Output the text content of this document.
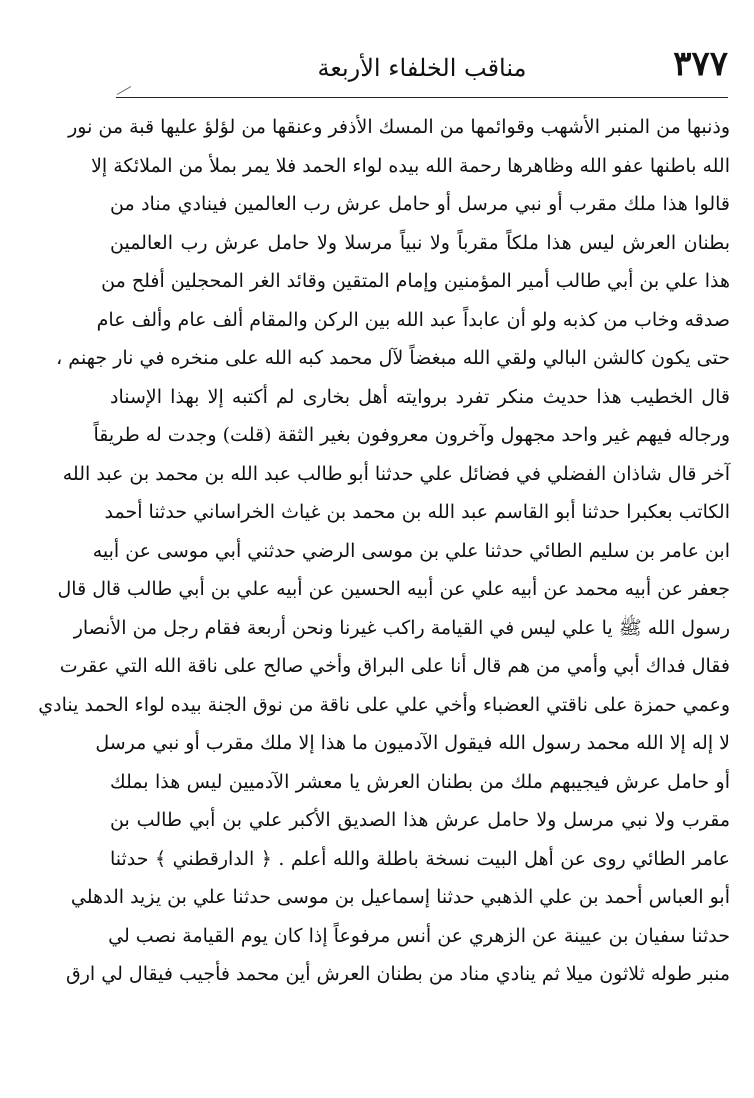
٣٧٧
مناقب الخلفاء الأربعة
وذنبها من المنبر الأشهب وقوائمها من المسك الأذفر وعنقها من لؤلؤ عليها قبة من نور
الله باطنها عفو الله وظاهرها رحمة الله بيده لواء الحمد فلا يمر بملأ من الملائكة إلا
قالوا هذا ملك مقرب أو نبي مرسل أو حامل عرش رب العالمين فينادي مناد من
بطنان العرش ليس هذا ملكاً مقرباً ولا نبياً مرسلا ولا حامل عرش رب العالمين
هذا علي بن أبي طالب أمير المؤمنين وإمام المتقين وقائد الغر المحجلين أفلح من
صدقه وخاب من كذبه ولو أن عابداً عبد الله بين الركن والمقام ألف عام وألف عام
حتى يكون كالشن البالي ولقي الله مبغضاً لآل محمد كبه الله على منخره في نار جهنم ،
قال الخطيب هذا حديث منكر تفرد بروايته أهل بخارى لم أكتبه إلا بهذا الإسناد
ورجاله فيهم غير واحد مجهول وآخرون معروفون بغير الثقة (قلت) وجدت له طريقاً
آخر قال شاذان الفضلي في فضائل علي حدثنا أبو طالب عبد الله بن محمد بن عبد الله
الكاتب بعكبرا حدثنا أبو القاسم عبد الله بن محمد بن غياث الخراساني حدثنا أحمد
ابن عامر بن سليم الطائي حدثنا علي بن موسى الرضي حدثني أبي موسى عن أبيه
جعفر عن أبيه محمد عن أبيه علي عن أبيه الحسين عن أبيه علي بن أبي طالب قال قال
رسول الله ﷺ يا علي ليس في القيامة راكب غيرنا ونحن أربعة فقام رجل من الأنصار
فقال فداك أبي وأمي من هم قال أنا على البراق وأخي صالح على ناقة الله التي عقرت
وعمي حمزة على ناقتي العضباء وأخي علي على ناقة من نوق الجنة بيده لواء الحمد ينادي
لا إله إلا الله محمد رسول الله فيقول الآدميون ما هذا إلا ملك مقرب أو نبي مرسل
أو حامل عرش فيجيبهم ملك من بطنان العرش يا معشر الآدميين ليس هذا بملك
مقرب ولا نبي مرسل ولا حامل عرش هذا الصديق الأكبر علي بن أبي طالب بن
عامر الطائي روى عن أهل البيت نسخة باطلة والله أعلم . ﴿ الدارقطني ﴾ حدثنا
أبو العباس أحمد بن علي الذهبي حدثنا إسماعيل بن موسى حدثنا علي بن يزيد الدهلي
حدثنا سفيان بن عيينة عن الزهري عن أنس مرفوعاً إذا كان يوم القيامة نصب لي
منبر طوله ثلاثون ميلا ثم ينادي مناد من بطنان العرش أين محمد فأجيب فيقال لي ارق
